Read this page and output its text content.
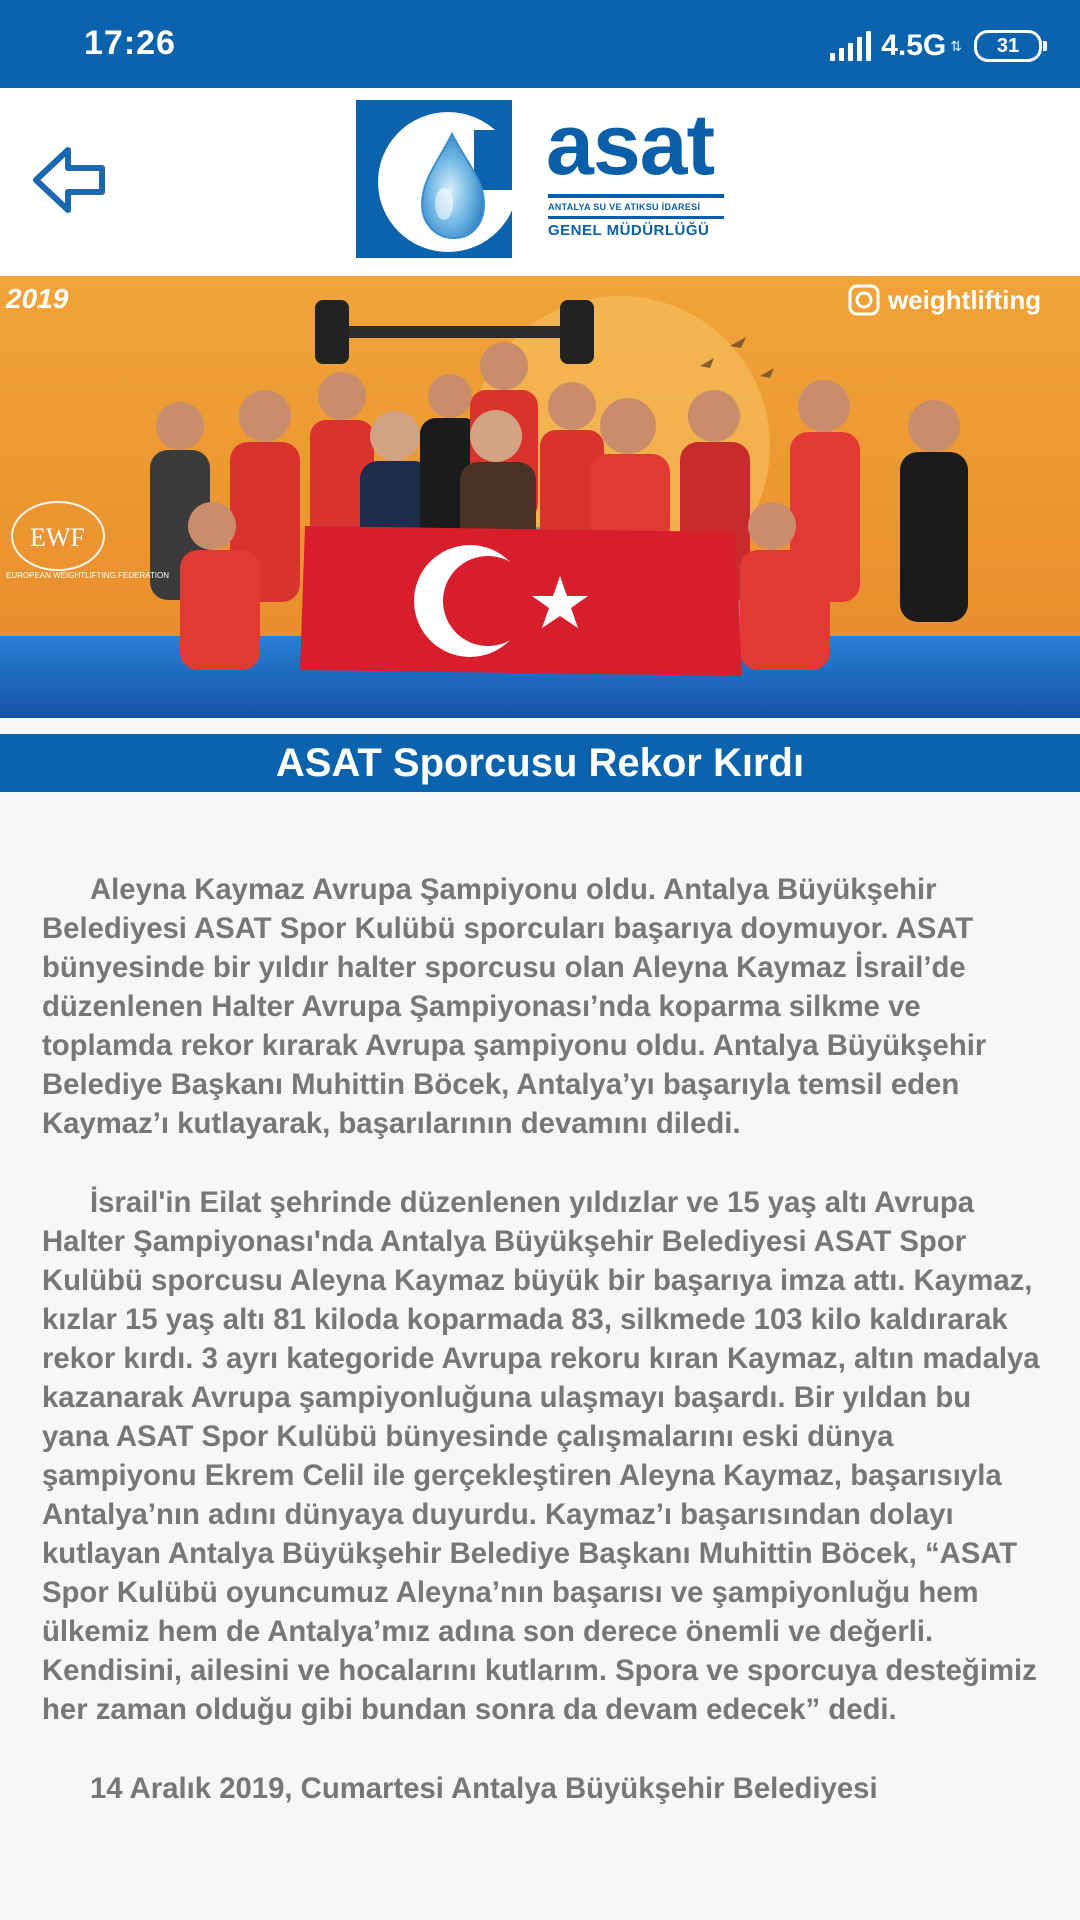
17:26	4.5G ⇅ 31
asat
ANTALYA SU VE ATIKSU İDARESİ
GENEL MÜDÜRLÜĞÜ
2019	weightlifting
EWF
EUROPEAN WEIGHTLIFTING FEDERATION
ASAT Sporcusu Rekor Kırdı

Aleyna Kaymaz Avrupa Şampiyonu oldu. Antalya Büyükşehir Belediyesi ASAT Spor Kulübü sporcuları başarıya doymuyor. ASAT bünyesinde bir yıldır halter sporcusu olan Aleyna Kaymaz İsrail’de düzenlenen Halter Avrupa Şampiyonası’nda koparma silkme ve toplamda rekor kırarak Avrupa şampiyonu oldu. Antalya Büyükşehir Belediye Başkanı Muhittin Böcek, Antalya’yı başarıyla temsil eden Kaymaz’ı kutlayarak, başarılarının devamını diledi.

İsrail'in Eilat şehrinde düzenlenen yıldızlar ve 15 yaş altı Avrupa Halter Şampiyonası'nda Antalya Büyükşehir Belediyesi ASAT Spor Kulübü sporcusu Aleyna Kaymaz büyük bir başarıya imza attı. Kaymaz, kızlar 15 yaş altı 81 kiloda koparmada 83, silkmede 103 kilo kaldırarak rekor kırdı. 3 ayrı kategoride Avrupa rekoru kıran Kaymaz, altın madalya kazanarak Avrupa şampiyonluğuna ulaşmayı başardı. Bir yıldan bu yana ASAT Spor Kulübü bünyesinde çalışmalarını eski dünya şampiyonu Ekrem Celil ile gerçekleştiren Aleyna Kaymaz, başarısıyla Antalya’nın adını dünyaya duyurdu. Kaymaz’ı başarısından dolayı kutlayan Antalya Büyükşehir Belediye Başkanı Muhittin Böcek, “ASAT Spor Kulübü oyuncumuz Aleyna’nın başarısı ve şampiyonluğu hem ülkemiz hem de Antalya’mız adına son derece önemli ve değerli. Kendisini, ailesini ve hocalarını kutlarım. Spora ve sporcuya desteğimiz her zaman olduğu gibi bundan sonra da devam edecek” dedi.

14 Aralık 2019, Cumartesi Antalya Büyükşehir Belediyesi
